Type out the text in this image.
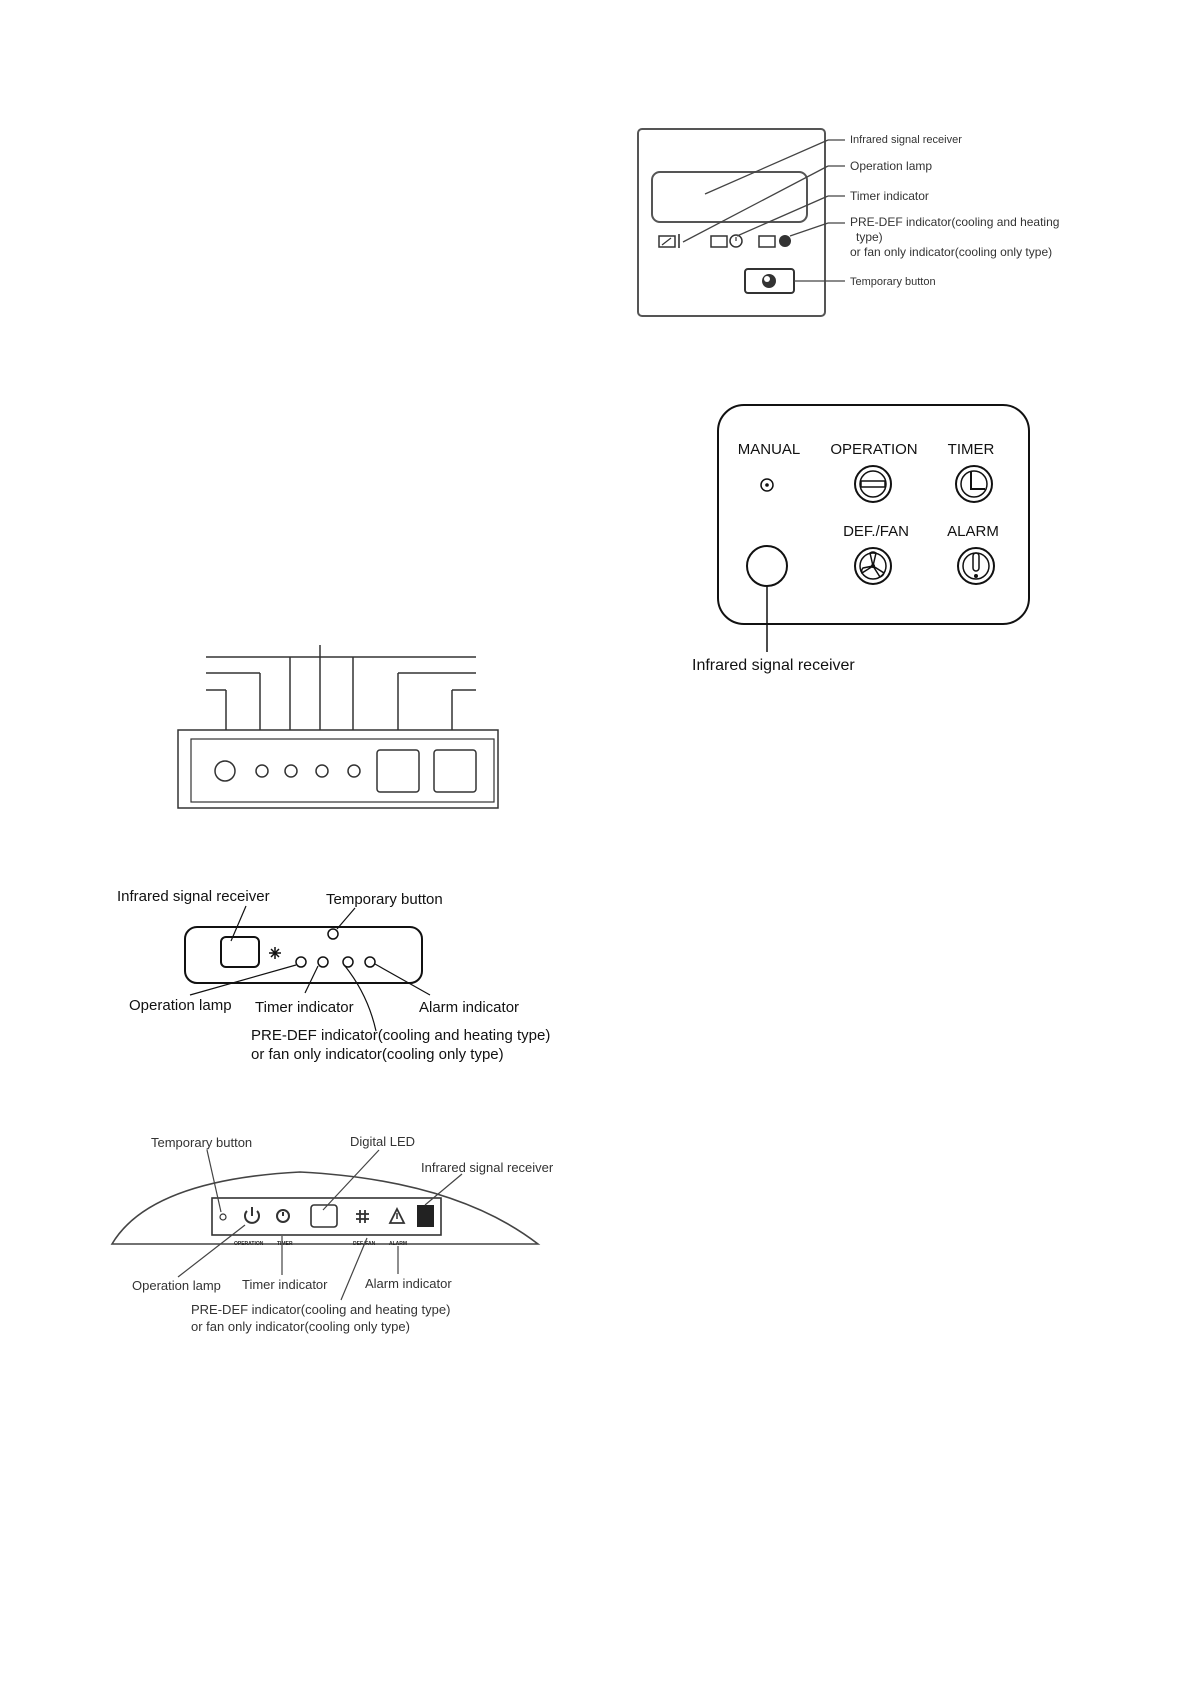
Infrared signal receiver
Operation lamp
Timer indicator
PRE-DEF indicator(cooling and heating
type)
or fan only indicator(cooling only type)
Temporary button
MANUAL OPERATION TIMER
DEF./FAN	ALARM
Infrared signal receiver
Infrared signal receiver	Temporary button
Operation lamp Timer indicator	Alarm indicator
PRE-DEF indicator(cooling and heating type)
or fan only indicator(cooling only type)
Temporary button	Digital LED
Infrared signal receiver
OPERATION	TIMER	DEF./FAN	ALARM
Operation lamp Timer indicator	Alarm indicator
PRE-DEF indicator(cooling and heating type)
or fan only indicator(cooling only type)
